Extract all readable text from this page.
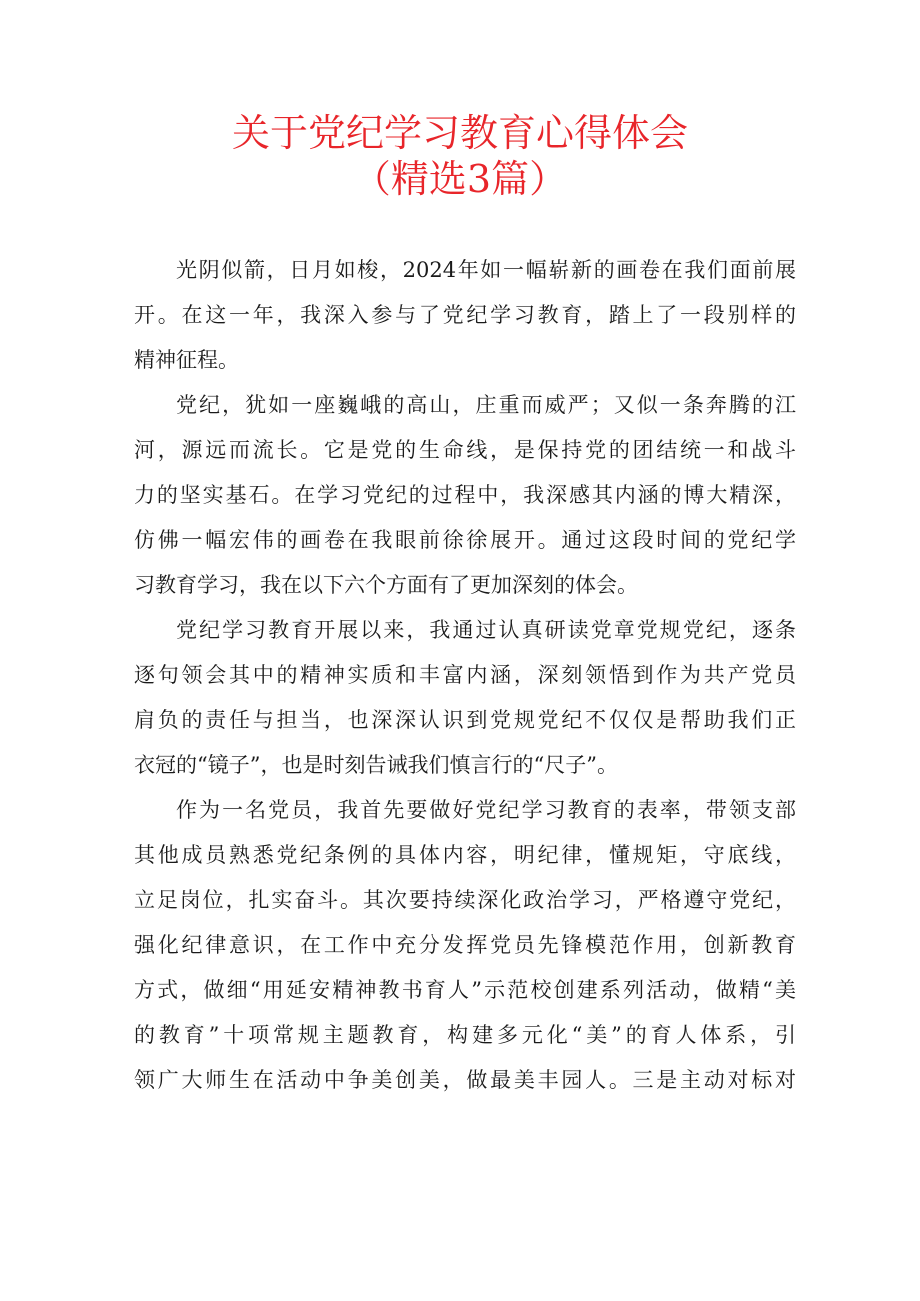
关于党纪学习教育心得体会
（精选3篇）
光阴似箭，日月如梭，2024年如一幅崭新的画卷在我们面前展
开。在这一年，我深入参与了党纪学习教育，踏上了一段别样的
精神征程。
党纪，犹如一座巍峨的高山，庄重而威严；又似一条奔腾的江
河，源远而流长。它是党的生命线，是保持党的团结统一和战斗
力的坚实基石。在学习党纪的过程中，我深感其内涵的博大精深，
仿佛一幅宏伟的画卷在我眼前徐徐展开。通过这段时间的党纪学
习教育学习，我在以下六个方面有了更加深刻的体会。
党纪学习教育开展以来，我通过认真研读党章党规党纪，逐条
逐句领会其中的精神实质和丰富内涵，深刻领悟到作为共产党员
肩负的责任与担当，也深深认识到党规党纪不仅仅是帮助我们正
衣冠的“镜子”，也是时刻告诫我们慎言行的“尺子”。
作为一名党员，我首先要做好党纪学习教育的表率，带领支部
其他成员熟悉党纪条例的具体内容，明纪律，懂规矩，守底线，
立足岗位，扎实奋斗。其次要持续深化政治学习，严格遵守党纪，
强化纪律意识，在工作中充分发挥党员先锋模范作用，创新教育
方式，做细“用延安精神教书育人”示范校创建系列活动，做精“美
的教育”十项常规主题教育，构建多元化“美”的育人体系，引
领广大师生在活动中争美创美，做最美丰园人。三是主动对标对
